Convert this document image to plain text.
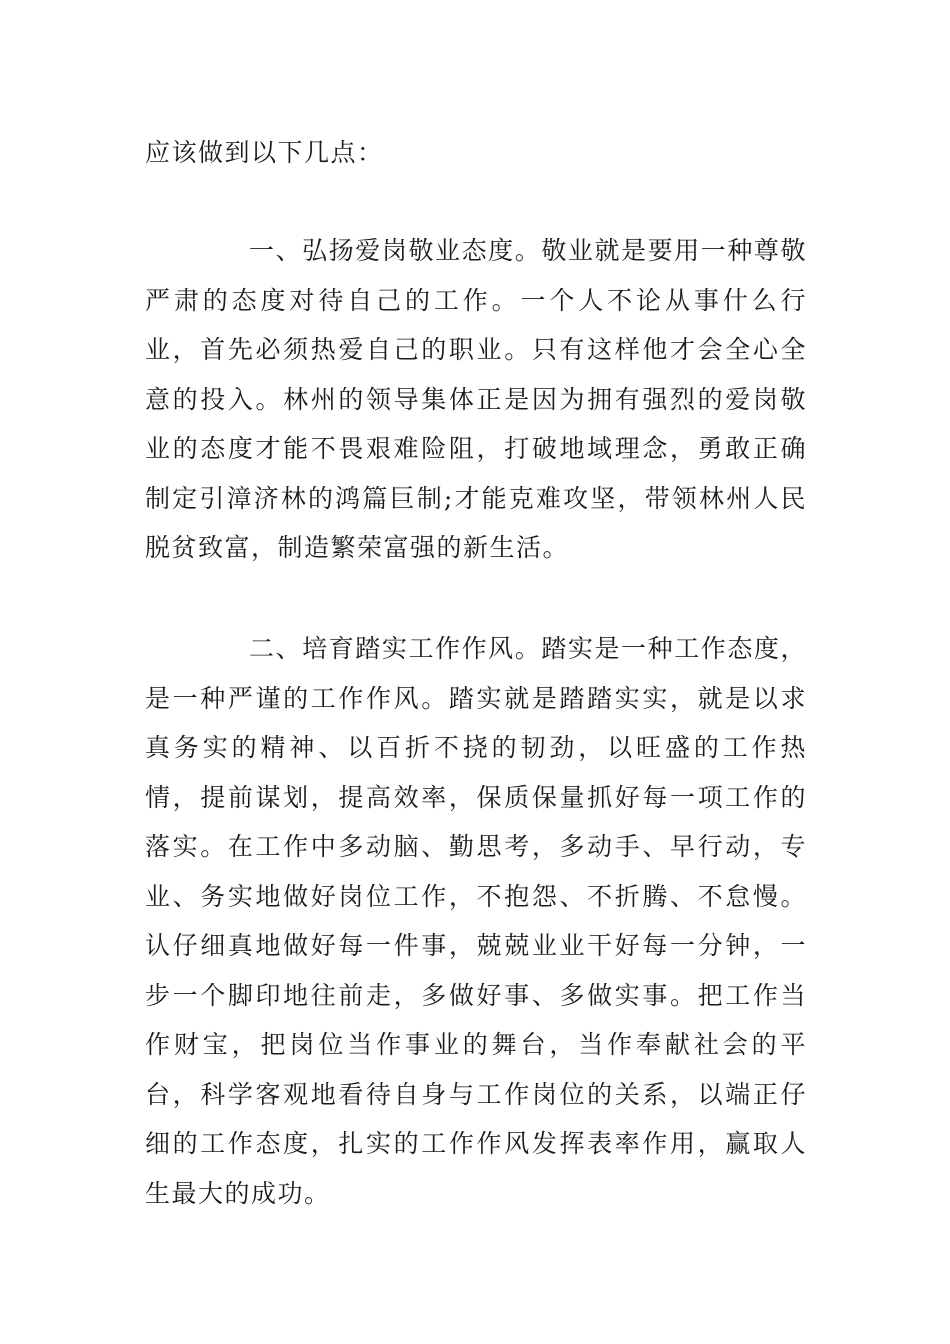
应该做到以下几点：

一、弘扬爱岗敬业态度。敬业就是要用一种尊敬严肃的态度对待自己的工作。一个人不论从事什么行业，首先必须热爱自己的职业。只有这样他才会全心全意的投入。林州的领导集体正是因为拥有强烈的爱岗敬业的态度才能不畏艰难险阻，打破地域理念，勇敢正确制定引漳济林的鸿篇巨制;才能克难攻坚，带领林州人民脱贫致富，制造繁荣富强的新生活。

二、培育踏实工作作风。踏实是一种工作态度，是一种严谨的工作作风。踏实就是踏踏实实，就是以求真务实的精神、以百折不挠的韧劲，以旺盛的工作热情，提前谋划，提高效率，保质保量抓好每一项工作的落实。在工作中多动脑、勤思考，多动手、早行动，专业、务实地做好岗位工作，不抱怨、不折腾、不怠慢。认仔细真地做好每一件事，兢兢业业干好每一分钟，一步一个脚印地往前走，多做好事、多做实事。把工作当作财宝，把岗位当作事业的舞台，当作奉献社会的平台，科学客观地看待自身与工作岗位的关系，以端正仔细的工作态度，扎实的工作作风发挥表率作用，赢取人生最大的成功。
